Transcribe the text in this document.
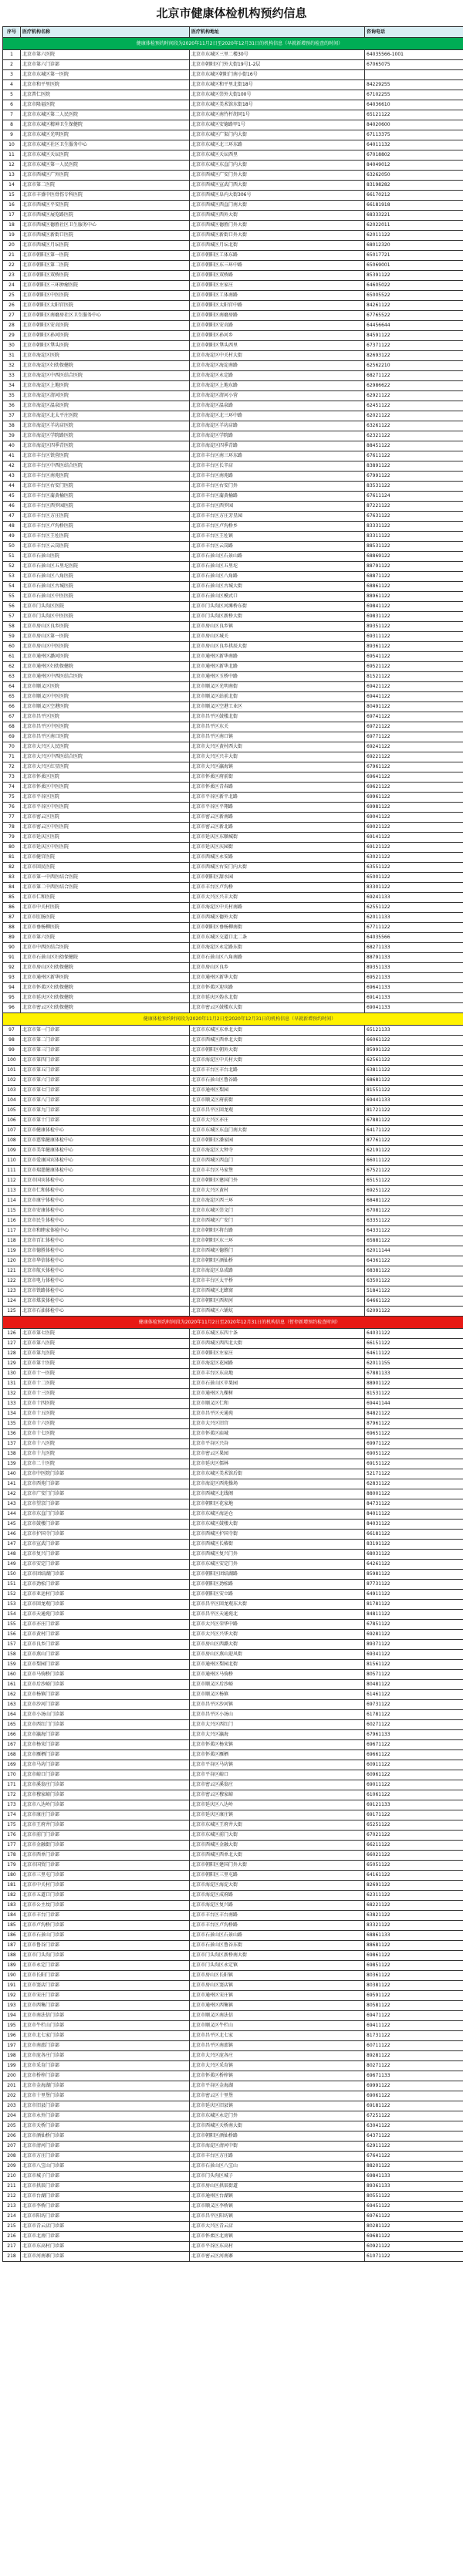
北京市健康体检机构预约信息
序号	医疗机构名称	医疗机构地址	咨询电话
健康体检预约时间段为2020年11月2日至2020年12月31日的机构信息（早就新增预约检查的时间）			
1	北京市第六医院	北京市东城区三里二楼30号	64035566-1001
2	北京市第六门诊部	北京市朝阳区门外大街19号1-2层	67065075
3	北京市东城区第一医院	北京市东城区朝阳门南小街16号	
4	北京市和平里医院	北京市东城区和平里北街18号	84229255
5	北京普仁医院	北京市东城区崇外大街100号	67102255
6	北京市隆福医院	北京市东城区美术馆东街18号	64036610
7	北京市东城区第二人民医院	北京市东城区南竹杆胡同1号	65121122
8	北京市东城区精神卫生保健院	北京市东城区安德路甲1号	84020600
9	北京市东城区光明医院	北京市东城区广渠门内大街	67113375
10	北京市东城区社区卫生服务中心	北京市东城区北三环东路	64011132
11	北京市东城区天坛医院	北京市东城区天坛西里	67018802
12	北京市东城区第一人民医院	北京市东城区东直门内大街	84049012
13	北京市西城区广外医院	北京市西城区广安门外大街	63262050
14	北京市第二医院	北京市西城区宣武门西大街	83198282
15	北京市丰盛中医骨伤专科医院	北京市西城区阜内大街306号	66170212
16	北京市西城区平安医院	北京市西城区西直门南大街	66181918
17	北京市西城区展览路医院	北京市西城区西外大街	68333221
18	北京市西城区德胜社区卫生服务中心	北京市西城区德胜门外大街	62022011
19	北京市西城区新街口医院	北京市西城区新街口外大街	62011122
20	北京市西城区月坛医院	北京市西城区月坛北街	68012320
21	北京市朝阳区第一医院	北京市朝阳区工体东路	65017721
22	北京市朝阳区第二医院	北京市朝阳区东三环中路	65069001
23	北京市朝阳区双桥医院	北京市朝阳区双桥路	85391122
24	北京市朝阳区三环肿瘤医院	北京市朝阳区左家庄	64605022
25	北京市朝阳区中医医院	北京市朝阳区工体南路	65005522
26	北京市朝阳区太阳宫医院	北京市朝阳区太阳宫中路	84261122
27	北京市朝阳区南磨房社区卫生服务中心	北京市朝阳区南磨房路	67765522
28	北京市朝阳区安贞医院	北京市朝阳区安贞路	64456644
29	北京市朝阳区孙河医院	北京市朝阳区孙河乡	84591122
30	北京市朝阳区垡头医院	北京市朝阳区垡头西里	67371122
31	北京市海淀区医院	北京市海淀区中关村大街	82693122
32	北京市海淀区妇幼保健院	北京市海淀区海淀南路	62562210
33	北京市海淀区中西医结合医院	北京市海淀区永定路	68271122
34	北京市海淀区上地医院	北京市海淀区上地东路	62986622
35	北京市海淀区清河医院	北京市海淀区清河小营	62921122
36	北京市海淀区温泉医院	北京市海淀区温泉路	62451122
37	北京市海淀区北太平庄医院	北京市海淀区北三环中路	62021122
38	北京市海淀区羊坊店医院	北京市海淀区羊坊店路	63261122
39	北京市海淀区学院路医院	北京市海淀区学院路	62321122
40	北京市海淀区四季青医院	北京市海淀区四季青路	88451122
41	北京市丰台区铁营医院	北京市丰台区南三环东路	67611122
42	北京市丰台区中西医结合医院	北京市丰台区长辛店	83891122
43	北京市丰台区南苑医院	北京市丰台区南苑路	67991122
44	北京市丰台区右安门医院	北京市丰台区右安门外	83531122
45	北京市丰台区蒲黄榆医院	北京市丰台区蒲黄榆路	67611124
46	北京市丰台区西罗园医院	北京市丰台区西罗园	87221122
47	北京市丰台区方庄医院	北京市丰台区方庄芳星园	67631122
48	北京市丰台区卢沟桥医院	北京市丰台区卢沟桥乡	83331122
49	北京市丰台区王佐医院	北京市丰台区王佐镇	83311122
50	北京市丰台区云岗医院	北京市丰台区云岗路	88531122
51	北京市石景山医院	北京市石景山区石景山路	68869122
52	北京市石景山区五里坨医院	北京市石景山区五里坨	88791122
53	北京市石景山区八角医院	北京市石景山区八角路	68871122
54	北京市石景山区古城医院	北京市石景山区古城大街	68861122
55	北京市石景山区中医医院	北京市石景山区模式口	88961122
56	北京市门头沟区医院	北京市门头沟区河滩桥东街	69841122
57	北京市门头沟区中医医院	北京市门头沟区新桥大街	69831122
58	北京市房山区良乡医院	北京市房山区良乡镇	89351122
59	北京市房山区第一医院	北京市房山区城关	69311122
60	北京市房山区中医医院	北京市房山区良乡拱辰大街	89361122
61	北京市通州区潞河医院	北京市通州区新华南路	69541122
62	北京市通州区妇幼保健院	北京市通州区新华北路	69521122
63	北京市通州区中西医结合医院	北京市通州区玉桥中路	81521122
64	北京市顺义区医院	北京市顺义区光明南街	69421122
65	北京市顺义区中医医院	北京市顺义区站前北街	69441122
66	北京市顺义区空港医院	北京市顺义区空港工业区	80491122
67	北京市昌平区医院	北京市昌平区鼓楼北街	69741122
68	北京市昌平区中医医院	北京市昌平区东关	69721122
69	北京市昌平区南口医院	北京市昌平区南口镇	69771122
70	北京市大兴区人民医院	北京市大兴区黄村西大街	69241122
71	北京市大兴区中西医结合医院	北京市大兴区兴丰大街	69221122
72	北京市大兴区红星医院	北京市大兴区瀛海镇	67961122
73	北京市怀柔区医院	北京市怀柔区府前街	69641122
74	北京市怀柔区中医医院	北京市怀柔区青春路	69621122
75	北京市平谷区医院	北京市平谷区新平北路	69961122
76	北京市平谷区中医医院	北京市平谷区平翔路	69981122
77	北京市密云区医院	北京市密云区新南路	69041122
78	北京市密云区中医医院	北京市密云区新北路	69021122
79	北京市延庆区医院	北京市延庆区东顺城街	69141122
80	北京市延庆区中医医院	北京市延庆区庆园街	69121122
81	北京市健宫医院	北京市西城区永安路	63021122
82	北京市回民医院	北京市西城区右安门内大街	63551122
83	北京市第一中西医结合医院	北京市朝阳区甜水园	65001122
84	北京市第二中西医结合医院	北京市丰台区卢沟桥	83301122
85	北京市仁和医院	北京市大兴区兴丰大街	69241133
86	北京市中关村医院	北京市海淀区中关村南路	62551122
87	北京市肛肠医院	北京市西城区德外大街	62011133
88	北京市垂杨柳医院	北京市朝阳区垂杨柳南街	67711122
89	北京市第六医院	北京市东城区交道口北二条	64035566
90	北京市中西医结合医院	北京市海淀区永定路东街	68271133
91	北京市石景山区妇幼保健院	北京市石景山区八角南路	88791133
92	北京市房山区妇幼保健院	北京市房山区良乡	89351133
93	北京市通州区新华医院	北京市通州区新华大街	69521133
94	北京市怀柔区妇幼保健院	北京市怀柔区迎宾路	69641133
95	北京市延庆区妇幼保健院	北京市延庆区妫水北街	69141133
96	北京市密云区妇幼保健院	北京市密云区鼓楼东大街	69041133
健康体检预约时间段为2020年11月2日至2020年12月31日的机构信息（早就新增预约时间）			
97	北京市第一门诊部	北京市东城区东单北大街	65121133
98	北京市第二门诊部	北京市西城区西单北大街	66061122
99	北京市第三门诊部	北京市朝阳区朝外大街	85991122
100	北京市第四门诊部	北京市海淀区中关村大街	62561122
101	北京市第五门诊部	北京市丰台区丰台北路	63811122
102	北京市第六门诊部	北京市石景山区鲁谷路	68681122
103	北京市第七门诊部	北京市通州区梨园	81551122
104	北京市第八门诊部	北京市顺义区府前街	69441133
105	北京市第九门诊部	北京市昌平区回龙观	81721122
106	北京市第十门诊部	北京市大兴区亦庄	67881122
107	北京市健康体检中心	北京市东城区东直门南大街	64171122
108	北京市慈铭健康体检中心	北京市朝阳区潘家园	87761122
109	北京市美年健康体检中心	北京市海淀区大钟寺	62191122
110	北京市爱康国宾体检中心	北京市西城区西直门	66011122
111	北京市瑞慈健康体检中心	北京市丰台区马家堡	67521122
112	北京市国宾体检中心	北京市朝阳区建国门外	65151122
113	北京市仁和体检中心	北京市大兴区黄村	69251122
114	北京市康宁体检中心	北京市海淀区西三环	68481122
115	北京市安康体检中心	北京市东城区崇文门	67081122
116	北京市民生体检中心	北京市西城区广安门	63351122
117	北京市和睦家体检中心	北京市朝阳区将台路	64331122
118	北京市百汇体检中心	北京市朝阳区东三环	65881122
119	北京市德胜体检中心	北京市西城区德胜门	62011144
120	北京市华信体检中心	北京市朝阳区酒仙桥	64361122
121	北京市航天体检中心	北京市海淀区阜成路	68381122
122	北京市电力体检中心	北京市丰台区太平桥	63501122
123	北京市铁路体检中心	北京市西城区北蜂窝	51841122
124	北京市煤炭体检中心	北京市朝阳区西坝河	64661122
125	北京市石油体检中心	北京市西城区六铺炕	62091122
健康体检预约时间段为2020年11月2日至2020年12月31日的机构信息（暂停新增预约检查时间）			
126	北京市第七医院	北京市东城区东四十条	64031122
127	北京市第八医院	北京市西城区西四北大街	66151122
128	北京市第九医院	北京市朝阳区左家庄	64611122
129	北京市第十医院	北京市海淀区花园路	62011155
130	北京市十一医院	北京市丰台区东高地	67881133
131	北京市十二医院	北京市石景山区苹果园	88901122
132	北京市十三医院	北京市通州区九棵树	81531122
133	北京市十四医院	北京市顺义区仁和	69441144
134	北京市十五医院	北京市昌平区天通苑	84821122
135	北京市十六医院	北京市大兴区旧宫	87961122
136	北京市十七医院	北京市怀柔区庙城	69651122
137	北京市十八医院	北京市平谷区兴谷	69971122
138	北京市十九医院	北京市密云区果园	69051122
139	北京市二十医院	北京市延庆区儒林	69151122
140	北京市中医院门诊部	北京市东城区美术馆后街	52171122
141	北京市西苑门诊部	北京市海淀区西苑操场	62831122
142	北京市广安门门诊部	北京市西城区北线阁	88001122
143	北京市望京门诊部	北京市朝阳区花家地	84731122
144	北京市东直门门诊部	北京市东城区海运仓	84011122
145	北京市鼓楼门诊部	北京市东城区鼓楼大街	84031122
146	北京市护国寺门诊部	北京市西城区护国寺街	66181122
147	北京市宣武门诊部	北京市西城区长椿街	83191122
148	北京市复兴门诊部	北京市西城区复兴门外	68031122
149	北京市安定门诊部	北京市东城区安定门外	64261122
150	北京市团结湖门诊部	北京市朝阳区团结湖路	85981122
151	北京市劲松门诊部	北京市朝阳区劲松路	87731122
152	北京市亚运村门诊部	北京市朝阳区安立路	64911122
153	北京市回龙观门诊部	北京市昌平区回龙观东大街	81781122
154	北京市天通苑门诊部	北京市昌平区天通苑北	84811122
155	北京市亦庄门诊部	北京市大兴区荣华中路	67851122
156	北京市黄村门诊部	北京市大兴区兴华大街	69281122
157	北京市良乡门诊部	北京市房山区西潞大街	89371122
158	北京市燕山门诊部	北京市房山区燕山迎风街	69341122
159	北京市梨园门诊部	北京市通州区梨园北街	81561122
160	北京市马驹桥门诊部	北京市通州区马驹桥	80571122
161	北京市后沙峪门诊部	北京市顺义区后沙峪	80481122
162	北京市杨镇门诊部	北京市顺义区杨镇	61461122
163	北京市沙河门诊部	北京市昌平区沙河镇	69731122
164	北京市小汤山门诊部	北京市昌平区小汤山	61781122
165	北京市西红门门诊部	北京市大兴区西红门	60271122
166	北京市瀛海门诊部	北京市大兴区瀛海	67961133
167	北京市杨宋门诊部	北京市怀柔区杨宋镇	69671122
168	北京市雁栖门诊部	北京市怀柔区雁栖	69661122
169	北京市马坊门诊部	北京市平谷区马坊镇	60911122
170	北京市峪口门诊部	北京市平谷区峪口	60961122
171	北京市溪翁庄门诊部	北京市密云区溪翁庄	69011122
172	北京市穆家峪门诊部	北京市密云区穆家峪	61061122
173	北京市八达岭门诊部	北京市延庆区八达岭	69121133
174	北京市康庄门诊部	北京市延庆区康庄镇	69171122
175	北京市王府井门诊部	北京市东城区王府井大街	65251122
176	北京市前门门诊部	北京市东城区前门大街	67021122
177	北京市金融街门诊部	北京市西城区金融大街	66211122
178	北京市西单门诊部	北京市西城区西单北大街	66021122
179	北京市国贸门诊部	北京市朝阳区建国门外大街	65051122
180	北京市三里屯门诊部	北京市朝阳区三里屯路	64161122
181	北京市中关村门诊部	北京市海淀区海淀大街	82691122
182	北京市五道口门诊部	北京市海淀区成府路	62311122
183	北京市公主坟门诊部	北京市海淀区复兴路	68221122
184	北京市丰台门诊部	北京市丰台区丰台南路	63821122
185	北京市卢沟桥门诊部	北京市丰台区卢沟桥路	83321122
186	北京市石景山门诊部	北京市石景山区石景山路	68861133
187	北京市鲁谷门诊部	北京市石景山区鲁谷东街	88681122
188	北京市门头沟门诊部	北京市门头沟区新桥南大街	69861122
189	北京市永定门诊部	北京市门头沟区永定镇	69851122
190	北京市长阳门诊部	北京市房山区长阳镇	80361122
191	北京市窦店门诊部	北京市房山区窦店镇	80381122
192	北京市宋庄门诊部	北京市通州区宋庄镇	69591122
193	北京市西集门诊部	北京市通州区西集镇	80581122
194	北京市南法信门诊部	北京市顺义区南法信	69471122
195	北京市牛栏山门诊部	北京市顺义区牛栏山	69411122
196	北京市北七家门诊部	北京市昌平区北七家	81731122
197	北京市南邵门诊部	北京市昌平区南邵镇	60711122
198	北京市庞各庄门诊部	北京市大兴区庞各庄	89281122
199	北京市采育门诊部	北京市大兴区采育镇	80271122
200	北京市桥梓门诊部	北京市怀柔区桥梓镇	69671133
201	北京市金海湖门诊部	北京市平谷区金海湖	69991122
202	北京市十里堡门诊部	北京市密云区十里堡	69061122
203	北京市旧县门诊部	北京市延庆区旧县镇	69181122
204	北京市永外门诊部	北京市东城区永定门外	67251122
205	北京市天桥门诊部	北京市西城区天桥南大街	63041122
206	北京市酒仙桥门诊部	北京市朝阳区酒仙桥路	64371122
207	北京市清河门诊部	北京市海淀区清河中街	62911122
208	北京市方庄门诊部	北京市丰台区方庄路	67641122
209	北京市八宝山门诊部	北京市石景山区八宝山	88201122
210	北京市城子门诊部	北京市门头沟区城子	69841133
211	北京市拱辰门诊部	北京市房山区拱辰街道	89361133
212	北京市台湖门诊部	北京市通州区台湖镇	80551122
213	北京市李桥门诊部	北京市顺义区李桥镇	69451122
214	北京市阳坊门诊部	北京市昌平区阳坊镇	69761122
215	北京市青云店门诊部	北京市大兴区青云店	80281122
216	北京市北房门诊部	北京市怀柔区北房镇	69681122
217	北京市东高村门诊部	北京市平谷区东高村	60921122
218	北京市河南寨门诊部	北京市密云区河南寨	61071122
